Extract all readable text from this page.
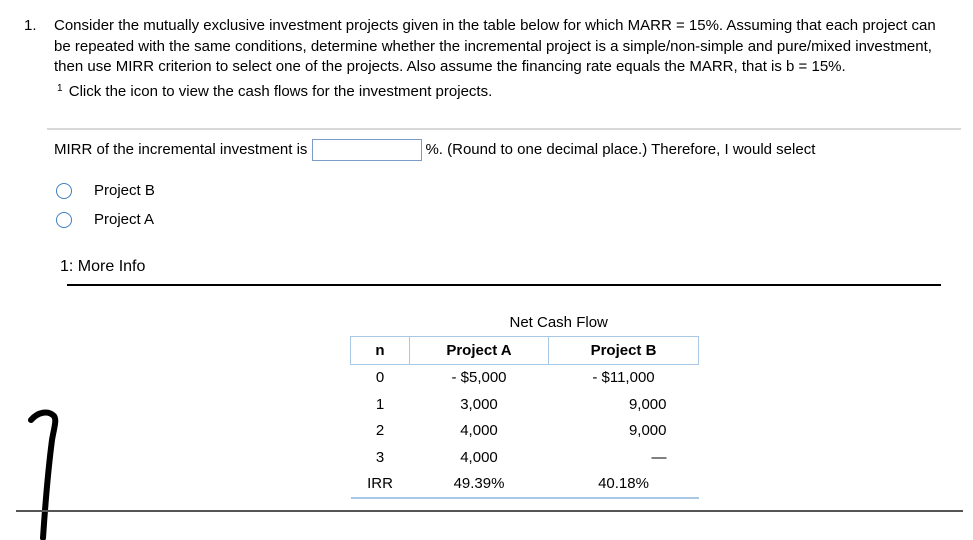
1. Consider the mutually exclusive investment projects given in the table below for which MARR = 15%. Assuming that each project can be repeated with the same conditions, determine whether the incremental project is a simple/non-simple and pure/mixed investment, then use MIRR criterion to select one of the projects. Also assume the financing rate equals the MARR, that is b = 15%.
$^1$ Click the icon to view the cash flows for the investment projects.
MIRR of the incremental investment is	%. (Round to one decimal place.) Therefore, I would select
Project B
Project A
1: More Info
	Net Cash Flow	
n	Project A	Project B
0	- $5,000	- $11,000
1	3,000	9,000
2	4,000	9,000
3	4,000	—
IRR	49.39%	40.18%
